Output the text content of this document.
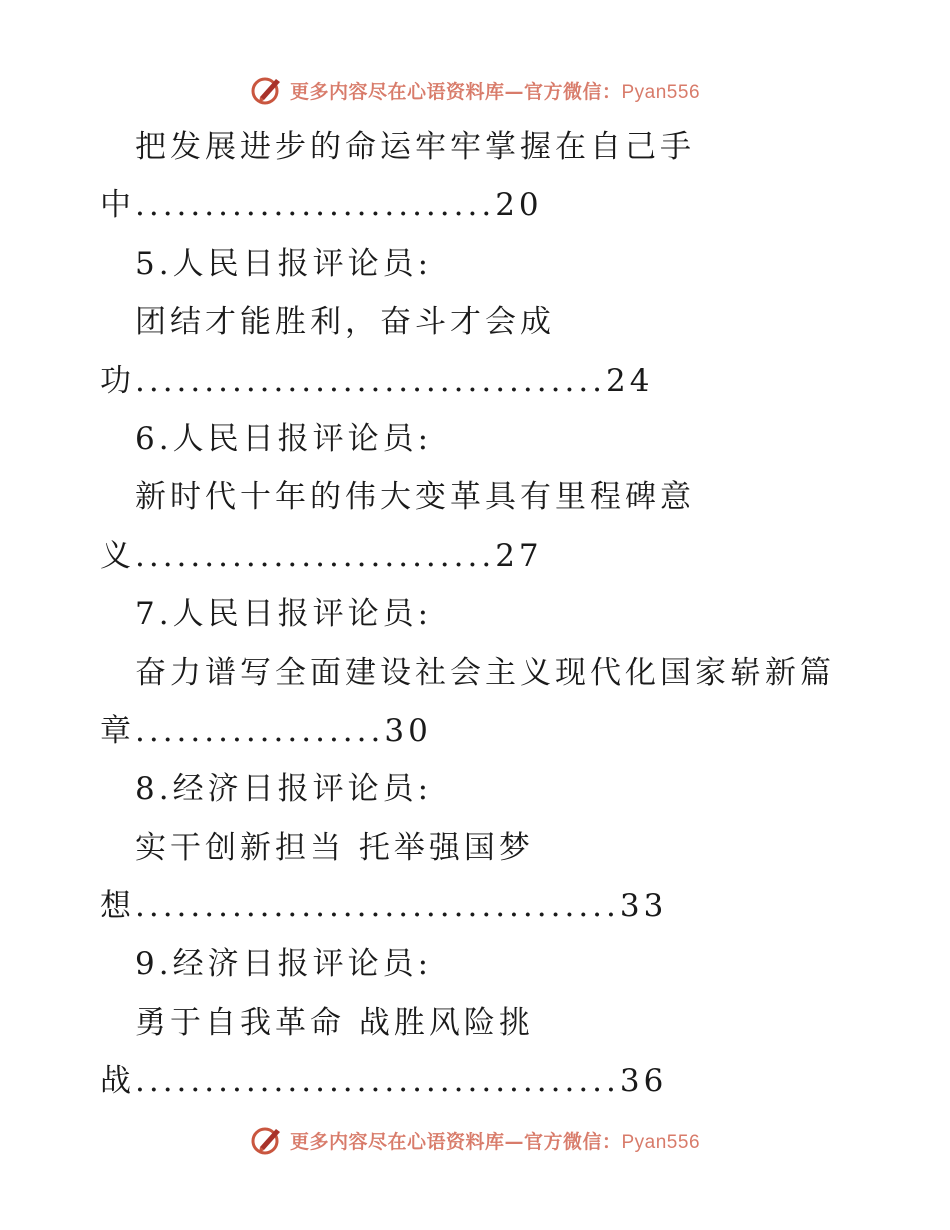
更多内容尽在心语资料库—官方微信：Pyan556
把发展进步的命运牢牢掌握在自己手
中..........................20
5.人民日报评论员:
团结才能胜利，奋斗才会成
功..................................24
6.人民日报评论员:
新时代十年的伟大变革具有里程碑意
义..........................27
7.人民日报评论员:
奋力谱写全面建设社会主义现代化国家崭新篇
章..................30
8.经济日报评论员:
实干创新担当 托举强国梦
想...................................33
9.经济日报评论员:
勇于自我革命 战胜风险挑
战...................................36
更多内容尽在心语资料库—官方微信：Pyan556
